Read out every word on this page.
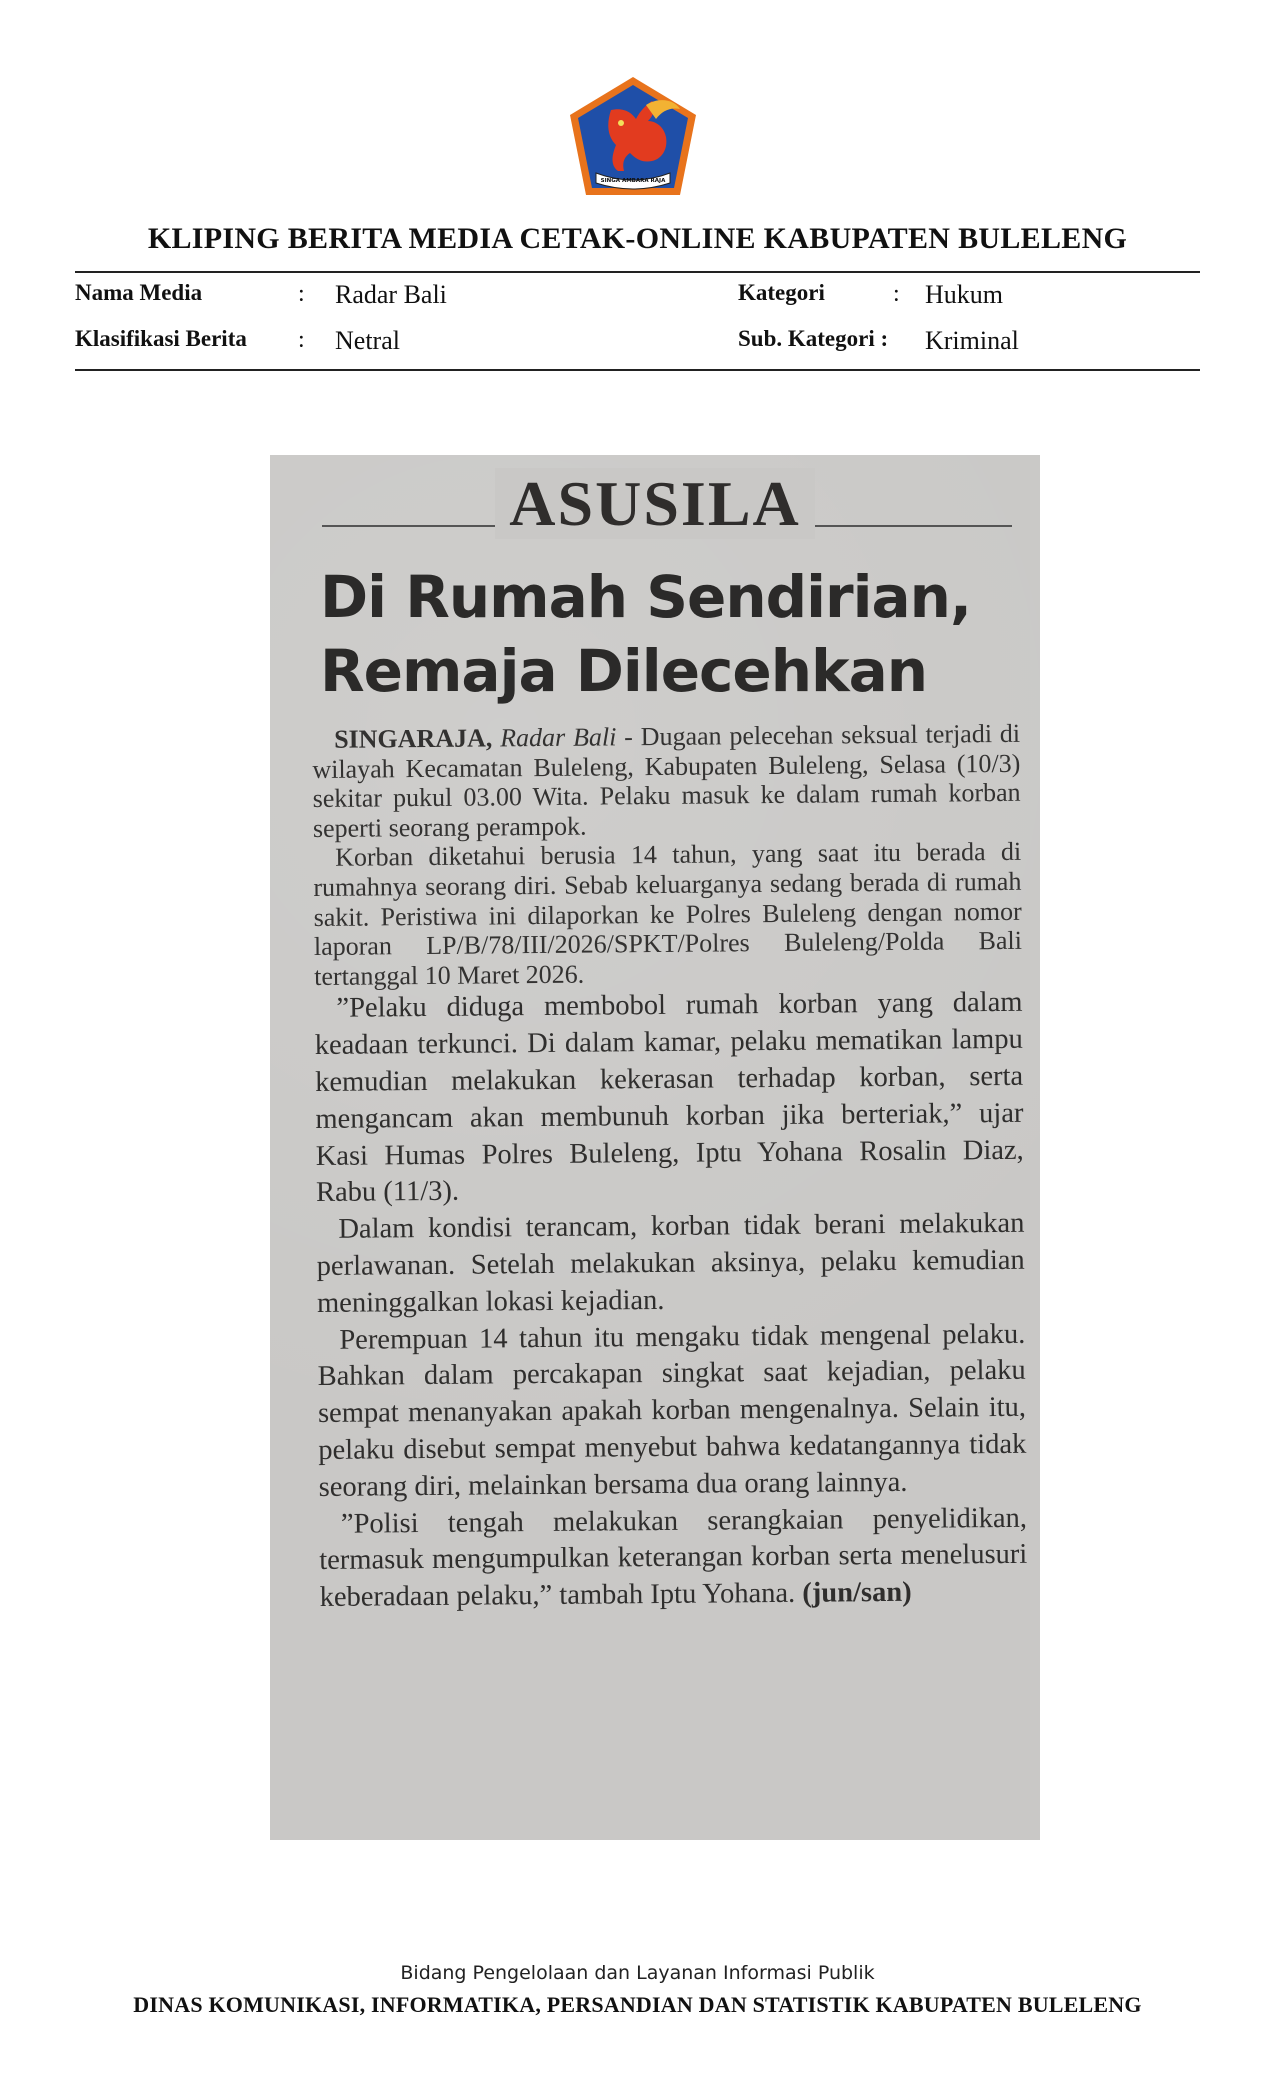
SINGA AMBARA RAJA
KLIPING BERITA MEDIA CETAK-ONLINE KABUPATEN BULELENG
Nama Media	: Radar Bali	Kategori	: Hukum
Klasifikasi Berita : Netral	Sub. Kategori : Kriminal
ASUSILA
Di Rumah Sendirian,
Remaja Dilecehkan

SINGARAJA, Radar Bali - Dugaan pelecehan seksual terjadi di wilayah Kecamatan Buleleng, Kabupaten Buleleng, Selasa (10/3) sekitar pukul 03.00 Wita. Pelaku masuk ke dalam rumah korban seperti seorang perampok.

Korban diketahui berusia 14 tahun, yang saat itu berada di rumahnya seorang diri. Sebab keluarganya sedang berada di rumah sakit. Peristiwa ini dilaporkan ke Polres Buleleng dengan nomor laporan LP/B/78/III/2026/SPKT/Polres Buleleng/Polda Bali tertanggal 10 Maret 2026.

”Pelaku diduga membobol rumah korban yang dalam keadaan terkunci. Di dalam kamar, pelaku mematikan lampu kemudian melakukan kekerasan terhadap korban, serta mengancam akan membunuh korban jika berteriak,” ujar Kasi Humas Polres Buleleng, Iptu Yohana Rosalin Diaz, Rabu (11/3).

Dalam kondisi terancam, korban tidak berani melakukan perlawanan. Setelah melakukan aksinya, pelaku kemudian meninggalkan lokasi kejadian.

Perempuan 14 tahun itu mengaku tidak mengenal pelaku. Bahkan dalam percakapan singkat saat kejadian, pelaku sempat menanyakan apakah korban mengenalnya. Selain itu, pelaku disebut sempat menyebut bahwa kedatangannya tidak seorang diri, melainkan bersama dua orang lainnya.

”Polisi tengah melakukan serangkaian penyelidikan, termasuk mengumpulkan keterangan korban serta menelusuri keberadaan pelaku,” tambah Iptu Yohana. (jun/san)

Bidang Pengelolaan dan Layanan Informasi Publik
DINAS KOMUNIKASI, INFORMATIKA, PERSANDIAN DAN STATISTIK KABUPATEN BULELENG
